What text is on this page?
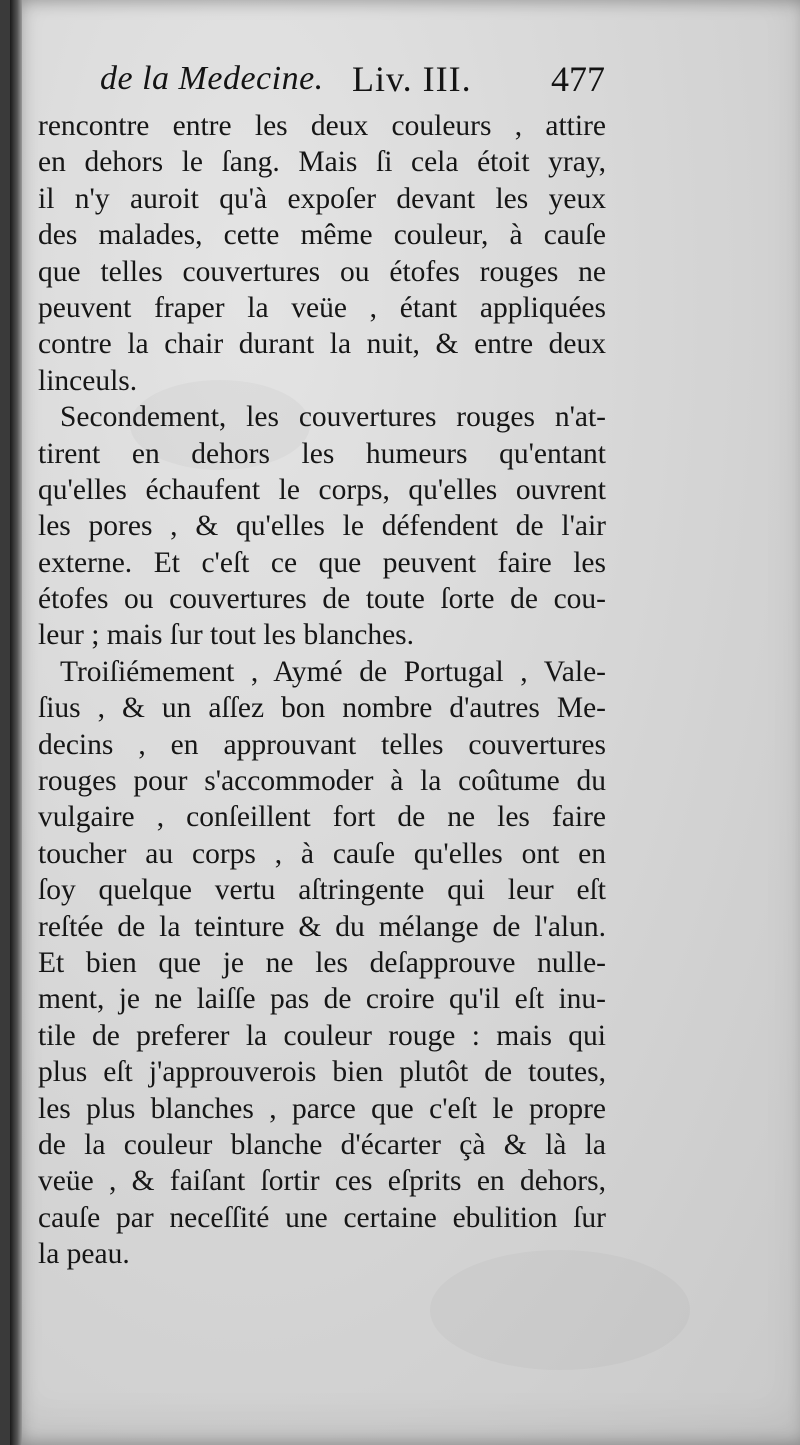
de la Medecine. Liv. III. 477
rencontre entre les deux couleurs , attire
en dehors le ſang. Mais ſi cela étoit yray,
il n'y auroit qu'à expoſer devant les yeux
des malades, cette même couleur, à cauſe
que telles couvertures ou étofes rouges ne
peuvent fraper la veüe , étant appliquées
contre la chair durant la nuit, & entre deux
linceuls.
Secondement, les couvertures rouges n'at-
tirent en dehors les humeurs qu'entant
qu'elles échaufent le corps, qu'elles ouvrent
les pores , & qu'elles le défendent de l'air
externe. Et c'eſt ce que peuvent faire les
étofes ou couvertures de toute ſorte de cou-
leur ; mais ſur tout les blanches.
Troiſiémement , Aymé de Portugal , Vale-
ſius , & un aſſez bon nombre d'autres Me-
decins , en approuvant telles couvertures
rouges pour s'accommoder à la coûtume du
vulgaire , conſeillent fort de ne les faire
toucher au corps , à cauſe qu'elles ont en
ſoy quelque vertu aſtringente qui leur eſt
reſtée de la teinture & du mélange de l'alun.
Et bien que je ne les deſapprouve nulle-
ment, je ne laiſſe pas de croire qu'il eſt inu-
tile de preferer la couleur rouge : mais qui
plus eſt j'approuverois bien plutôt de toutes,
les plus blanches , parce que c'eſt le propre
de la couleur blanche d'écarter çà & là la
veüe , & faiſant ſortir ces eſprits en dehors,
cauſe par neceſſité une certaine ebulition ſur
la peau.
